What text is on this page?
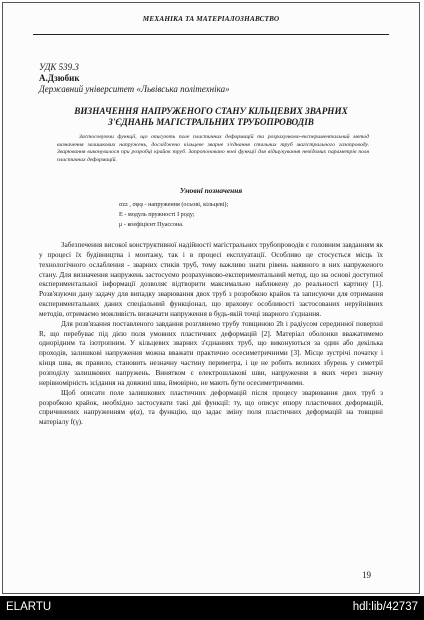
МЕХАНІКА ТА МАТЕРІАЛОЗНАВСТВО
УДК 539.3
А.Дзюбик
Державний університет «Львівська політехніка»
ВИЗНАЧЕННЯ НАПРУЖЕНОГО СТАНУ КІЛЬЦЕВИХ ЗВАРНИХ
З'ЄДНАНЬ МАГІСТРАЛЬНИХ ТРУБОПРОВОДІВ
Застосовуючи функції, що описують поле пластичних деформацій та розрахунково-експериментальний метод визначення залишкових напружень, досліджено кільцеве зварне з'єднання стальних труб магістрального газопроводу. Зварювання виконувалося при розробці крайок труб. Запропоновано нові функції для відшукування невідомих параметрів поля пластичних деформацій.
Умовні позначення
σzz , σφφ - напруження (осьові, кільцеві);
E - модуль пружності I роду;
μ - коефіцієнт Пуассона.

Забезпечення високої конструктивної надійності магістральних трубопроводів є головним завданням як у процесі їх будівництва і монтажу, так і в процесі експлуатації. Особливо це стосується місць їх технологічного ослаблення - зварних стиків труб, тому важливо знати рівень наявного в них напруженого стану. Для визначення напружень застосуємо розрахунково-експериментальний метод, що на основі доступної експериментальної інформації дозволяє відтворити максимально наближену до реальності картину [1]. Розв'язуючи дану задачу для випадку зварювання двох труб з розробкою крайок та записуючи для отримання експериментальних даних спеціальний функціонал, що враховує особливості застосованих неруйнівних методів, отримаємо можливість визначати напруження в будь-якій точці зварного з'єднання.

Для розв'язання поставленого завдання розглянемо трубу товщиною 2h і радіусом серединної поверхні R, що перебуває під дією поля умовних пластичних деформацій [2]. Матеріал оболонки вважатимемо однорідним та ізотропним. У кільцевих зварних з'єднаннях труб, що виконуються за один або декілька проходів, залишкові напруження можна вважати практично осесиметричними [3]. Місце зустрічі початку і кінця шва, як правило, становить незначну частину периметра, і це не робить великих збурень у симетрії розподілу залишкових напружень. Винятком є електрошлакові шви, напруження в яких через значну нерівномірність зсідання на довжині шва, ймовірно, не мають бути осесиметричними.

Щоб описати поле залишкових пластичних деформацій після процесу зварювання двох труб з розробкою крайок, необхідно застосувати такі дві функції: ту, що описує епюру пластичних деформацій, спричинених напруженням φ(α), та функцію, що задає зміну поля пластичних деформацій на товщині матеріалу f(γ).

19
ELARTU	hdl:lib/42737
